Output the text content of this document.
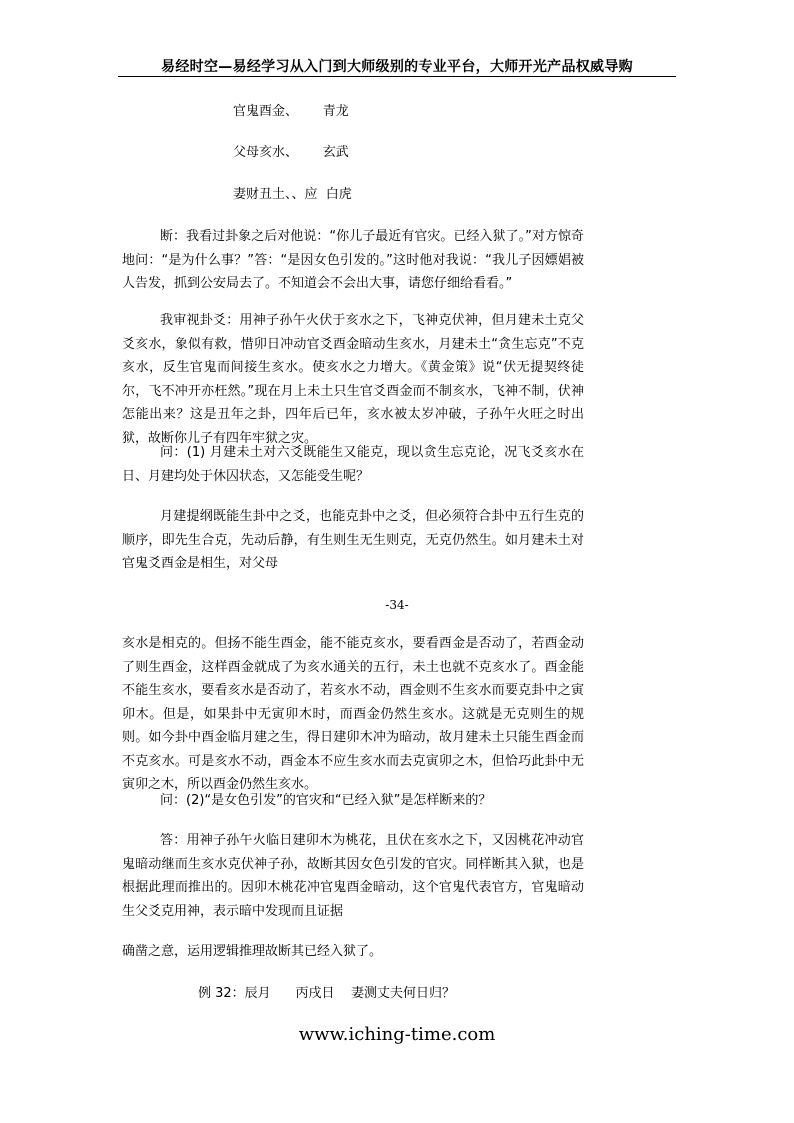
易经时空—易经学习从入门到大师级别的专业平台，大师开光产品权威导购
官鬼酉金、      青龙
父母亥水、      玄武
妻财丑土、、应  白虎

断：我看过卦象之后对他说：“你儿子最近有官灾。已经入狱了。”对方惊奇地问：“是为什么事？”答：“是因女色引发的。”这时他对我说：“我儿子因嫖娼被人告发，抓到公安局去了。不知道会不会出大事，请您仔细给看看。”

我审视卦爻：用神子孙午火伏于亥水之下，飞神克伏神，但月建未土克父爻亥水，象似有救，惜卯日冲动官爻酉金暗动生亥水，月建未土“贪生忘克”不克亥水，反生官鬼而间接生亥水。使亥水之力增大。《黄金策》说“伏无提契终徒尔，飞不冲开亦枉然。”现在月上未土只生官爻酉金而不制亥水，飞神不制，伏神怎能出来？这是丑年之卦，四年后已年，亥水被太岁冲破，子孙午火旺之时出狱，故断你儿子有四年牢狱之灾。

问：(1) 月建未土对六爻既能生又能克，现以贪生忘克论，况飞爻亥水在日、月建均处于休囚状态，又怎能受生呢？

月建提纲既能生卦中之爻，也能克卦中之爻，但必须符合卦中五行生克的顺序，即先生合克，先动后静，有生则生无生则克，无克仍然生。如月建未土对官鬼爻酉金是相生，对父母

-34-

亥水是相克的。但扬不能生酉金，能不能克亥水，要看酉金是否动了，若酉金动了则生酉金，这样酉金就成了为亥水通关的五行，未土也就不克亥水了。酉金能不能生亥水，要看亥水是否动了，若亥水不动，酉金则不生亥水而要克卦中之寅卯木。但是，如果卦中无寅卯木时，而酉金仍然生亥水。这就是无克则生的规则。如今卦中酉金临月建之生，得日建卯木冲为暗动，故月建未土只能生酉金而不克亥水。可是亥水不动，酉金本不应生亥水而去克寅卯之木，但恰巧此卦中无寅卯之木，所以酉金仍然生亥水。

问：(2)“是女色引发”的官灾和“已经入狱”是怎样断来的？

答：用神子孙午火临日建卯木为桃花，且伏在亥水之下，又因桃花冲动官鬼暗动继而生亥水克伏神子孙，故断其因女色引发的官灾。同样断其入狱，也是根据此理而推出的。因卯木桃花冲官鬼酉金暗动，这个官鬼代表官方，官鬼暗动生父爻克用神，表示暗中发现而且证据

确凿之意，运用逻辑推理故断其已经入狱了。

例 32：辰月      丙戌日    妻测丈夫何日归？
www.iching-time.com
